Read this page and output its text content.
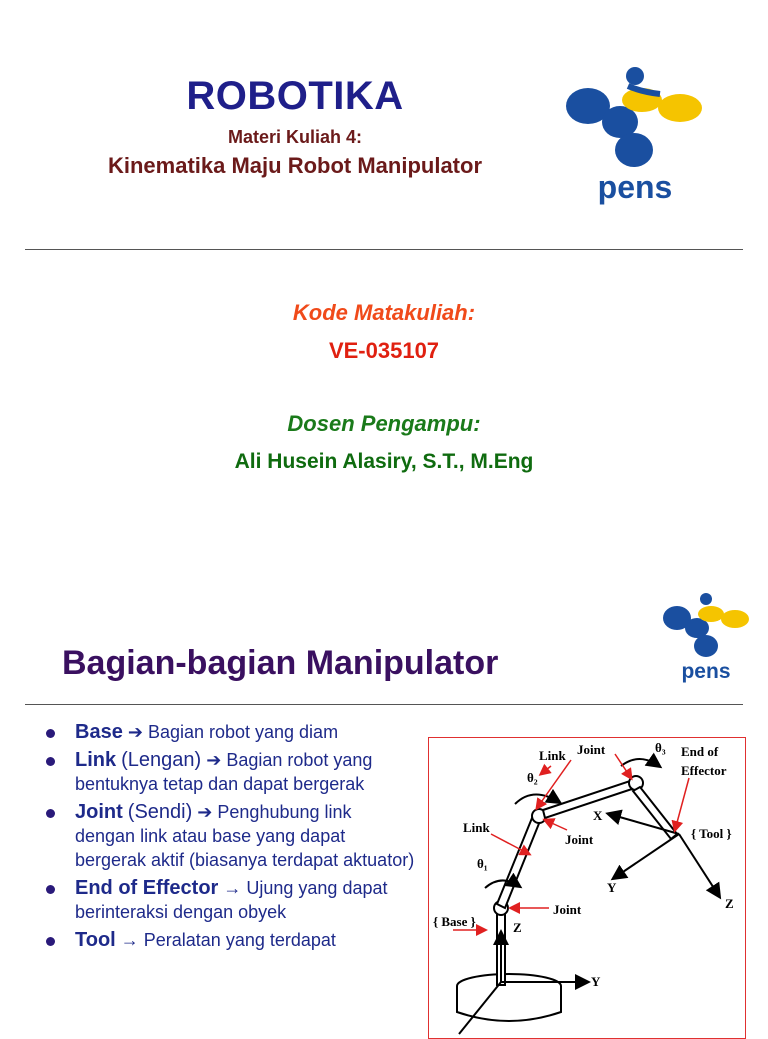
ROBOTIKA
Materi Kuliah 4:
Kinematika Maju Robot Manipulator
pens
Kode Matakuliah:
VE-035107
Dosen Pengampu:
Ali Husein Alasiry, S.T., M.Eng
pens
Bagian-bagian Manipulator
Base ➔ Bagian robot yang diam
Link (Lengan) ➔ Bagian robot yang bentuknya tetap dan dapat bergerak
Joint (Sendi) ➔ Penghubung link dengan link atau base yang dapat bergerak aktif (biasanya terdapat aktuator)
End of Effector → Ujung yang dapat berinteraksi dengan obyek
Tool → Peralatan yang terdapat
Joint
Link
θ₃ End of
Effector
θ₂
X
{ Tool }
Link
Joint
θ₁
Y
Z
{ Base }
Joint
Z
Y
